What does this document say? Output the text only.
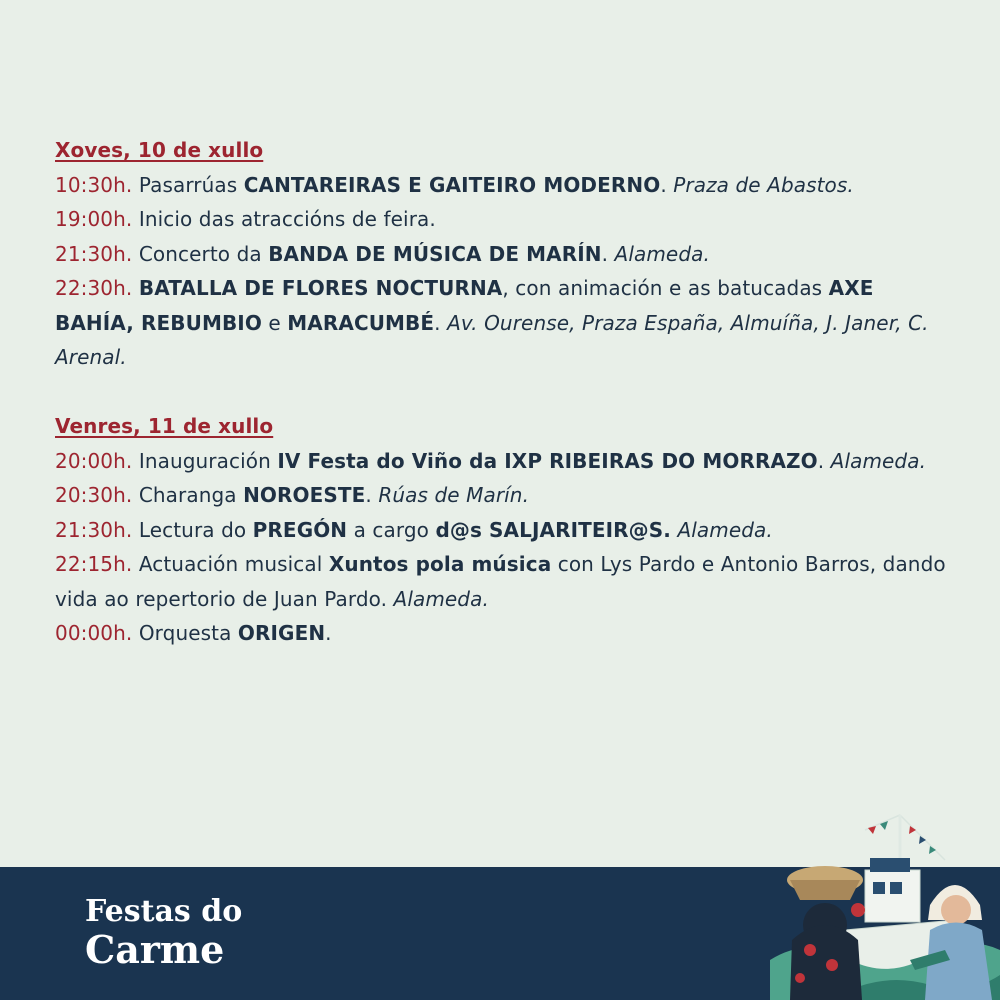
Xoves, 10 de xullo
10:30h. Pasarrúas CANTAREIRAS E GAITEIRO MODERNO. Praza de Abastos.
19:00h. Inicio das atraccións de feira.
21:30h. Concerto da BANDA DE MÚSICA DE MARÍN. Alameda.
22:30h. BATALLA DE FLORES NOCTURNA, con animación e as batucadas AXE BAHÍA, REBUMBIO e MARACUMBÉ. Av. Ourense, Praza España, Almuíña, J. Janer, C. Arenal.
Venres, 11 de xullo
20:00h. Inauguración IV Festa do Viño da IXP RIBEIRAS DO MORRAZO. Alameda.
20:30h. Charanga NOROESTE. Rúas de Marín.
21:30h. Lectura do PREGÓN a cargo d@s SALJARITEIR@S. Alameda.
22:15h. Actuación musical Xuntos pola música con Lys Pardo e Antonio Barros, dando vida ao repertorio de Juan Pardo. Alameda.
00:00h. Orquesta ORIGEN.
Festas do
Carme
